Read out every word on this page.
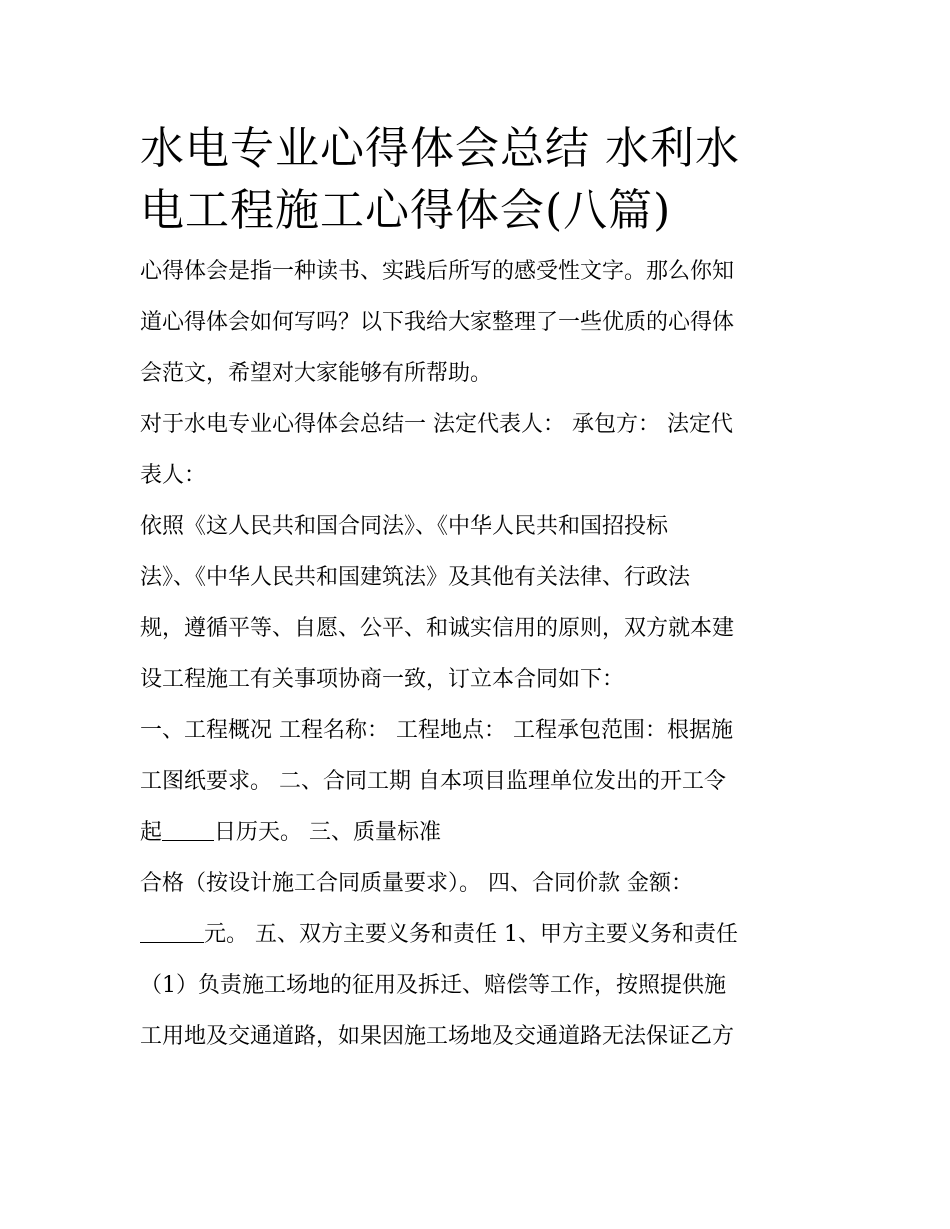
水电专业心得体会总结 水利水
电工程施工心得体会(八篇)
心得体会是指一种读书、实践后所写的感受性文字。那么你知
道心得体会如何写吗？以下我给大家整理了一些优质的心得体
会范文，希望对大家能够有所帮助。
对于水电专业心得体会总结一 法定代表人： 承包方： 法定代
表人：
依照《这人民共和国合同法》、《中华人民共和国招投标
法》、《中华人民共和国建筑法》及其他有关法律、行政法
规，遵循平等、自愿、公平、和诚实信用的原则，双方就本建
设工程施工有关事项协商一致，订立本合同如下：
一、工程概况 工程名称： 工程地点： 工程承包范围：根据施
工图纸要求。 二、合同工期 自本项目监理单位发出的开工令
起 日历天。 三、质量标准
合格（按设计施工合同质量要求）。 四、合同价款 金额：
元。 五、双方主要义务和责任 1、甲方主要义务和责任
（1）负责施工场地的征用及拆迁、赔偿等工作，按照提供施
工用地及交通道路，如果因施工场地及交通道路无法保证乙方
